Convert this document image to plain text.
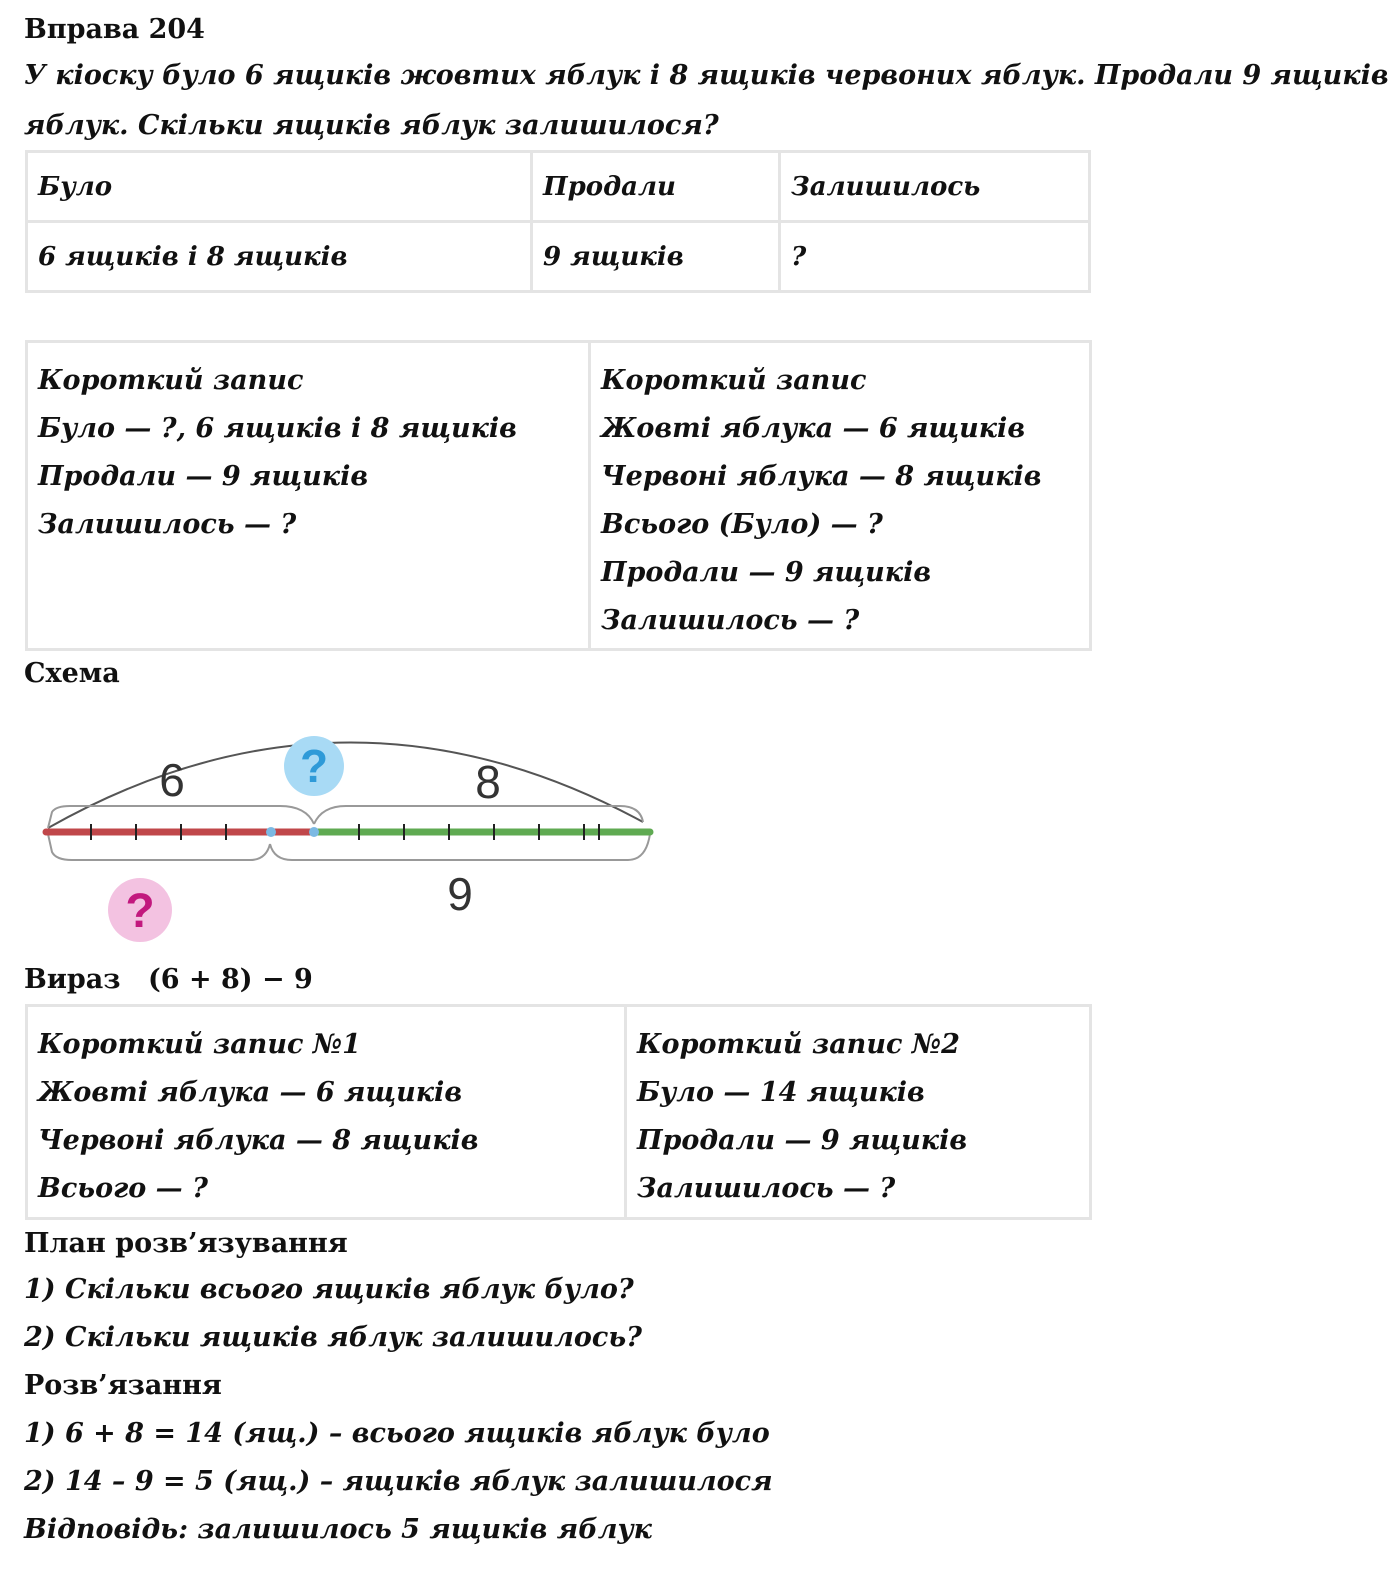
Вправа 204
У кіоску було 6 ящиків жовтих яблук і 8 ящиків червоних яблук. Продали 9 ящиків
яблук. Скільки ящиків яблук залишилося?
Було	Продали	Залишилось
6 ящиків і 8 ящиків	9 ящиків	?
Короткий запис
Було — ?, 6 ящиків і 8 ящиків
Продали — 9 ящиків
Залишилось — ?
Короткий запис
Жовті яблука — 6 ящиків
Червоні яблука — 8 ящиків
Всього (Було) — ?
Продали — 9 ящиків
Залишилось — ?
Схема
6	8
9
?
?
Вираз (6 + 8) − 9
Короткий запис №1
Жовті яблука — 6 ящиків
Червоні яблука — 8 ящиків
Всього — ?
Короткий запис №2
Було — 14 ящиків
Продали — 9 ящиків
Залишилось — ?
План розв’язування
1) Скільки всього ящиків яблук було?
2) Скільки ящиків яблук залишилось?
Розв’язання
1) 6 + 8 = 14 (ящ.) – всього ящиків яблук було
2) 14 – 9 = 5 (ящ.) – ящиків яблук залишилося
Відповідь: залишилось 5 ящиків яблук
